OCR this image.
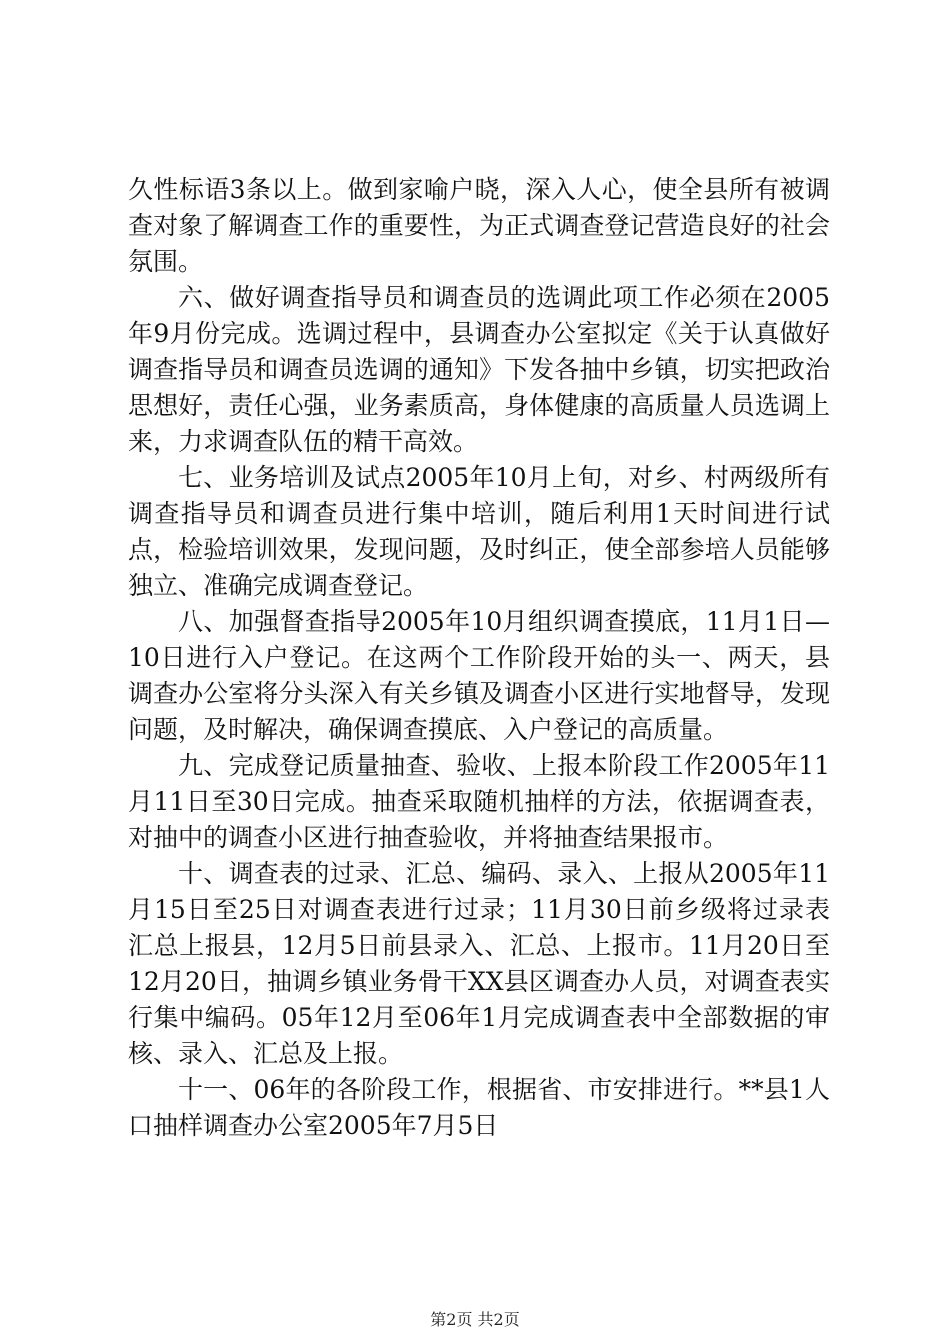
久性标语3条以上。做到家喻户晓，深入人心，使全县所有被调查对象了解调查工作的重要性，为正式调查登记营造良好的社会氛围。

六、做好调查指导员和调查员的选调此项工作必须在2005年9月份完成。选调过程中，县调查办公室拟定《关于认真做好调查指导员和调查员选调的通知》下发各抽中乡镇，切实把政治思想好，责任心强，业务素质高，身体健康的高质量人员选调上来，力求调查队伍的精干高效。

七、业务培训及试点2005年10月上旬，对乡、村两级所有调查指导员和调查员进行集中培训，随后利用1天时间进行试点，检验培训效果，发现问题，及时纠正，使全部参培人员能够独立、准确完成调查登记。

八、加强督查指导2005年10月组织调查摸底，11月1日—10日进行入户登记。在这两个工作阶段开始的头一、两天，县调查办公室将分头深入有关乡镇及调查小区进行实地督导，发现问题，及时解决，确保调查摸底、入户登记的高质量。

九、完成登记质量抽查、验收、上报本阶段工作2005年11月11日至30日完成。抽查采取随机抽样的方法，依据调查表，对抽中的调查小区进行抽查验收，并将抽查结果报市。

十、调查表的过录、汇总、编码、录入、上报从2005年11月15日至25日对调查表进行过录；11月30日前乡级将过录表汇总上报县，12月5日前县录入、汇总、上报市。11月20日至12月20日，抽调乡镇业务骨干XX县区调查办人员，对调查表实行集中编码。05年12月至06年1月完成调查表中全部数据的审核、录入、汇总及上报。

十一、06年的各阶段工作，根据省、市安排进行。**县1人口抽样调查办公室2005年7月5日

第2页 共2页
